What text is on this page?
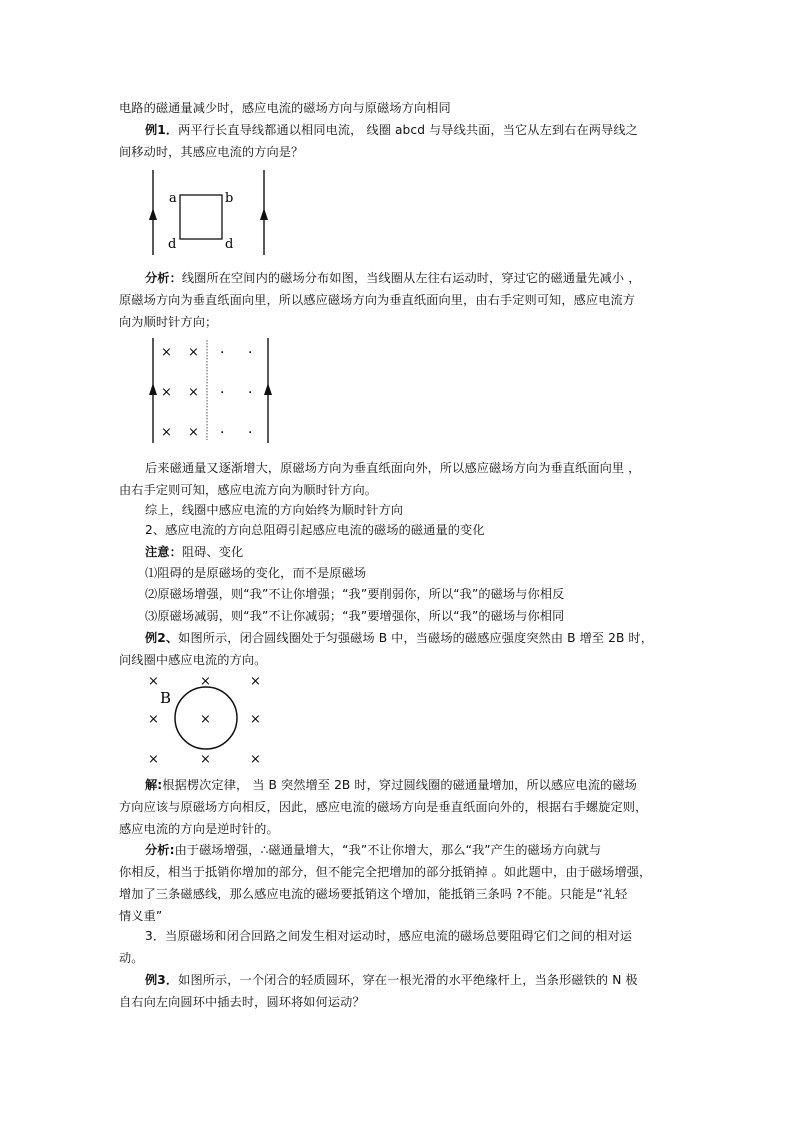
电路的磁通量减少时，感应电流的磁场方向与原磁场方向相同
例1．两平行长直导线都通以相同电流， 线圈 abcd 与导线共面，当它从左到右在两导线之
间移动时，其感应电流的方向是？
a	b
d	d
分析：线圈所在空间内的磁场分布如图，当线圈从左往右运动时，穿过它的磁通量先减小 ，
原磁场方向为垂直纸面向里，所以感应磁场方向为垂直纸面向里，由右手定则可知，感应电流方
向为顺时针方向；
× ×
× ×
× ×
· ·
· ·
· ·
后来磁通量又逐渐增大，原磁场方向为垂直纸面向外，所以感应磁场方向为垂直纸面向里 ，
由右手定则可知，感应电流方向为顺时针方向。
综上，线圈中感应电流的方向始终为顺时针方向
2、感应电流的方向总阻碍引起感应电流的磁场的磁通量的变化
注意：阻碍、变化
⑴阻碍的是原磁场的变化，而不是原磁场
⑵原磁场增强，则“我”不让你增强；“我”要削弱你，所以“我”的磁场与你相反
⑶原磁场减弱，则“我”不让你减弱；“我”要增强你，所以“我”的磁场与你相同
例2、如图所示，闭合圆线圈处于匀强磁场 B 中，当磁场的磁感应强度突然由 B 增至 2B 时，
问线圈中感应电流的方向。
B
×	×	×
×	×	×
×	×	×
解:根据楞次定律， 当 B 突然增至 2B 时，穿过圆线圈的磁通量增加，所以感应电流的磁场
方向应该与原磁场方向相反，因此，感应电流的磁场方向是垂直纸面向外的，根据右手螺旋定则，
感应电流的方向是逆时针的。
分析:由于磁场增强，∴磁通量增大，“我”不让你增大，那么“我”产生的磁场方向就与
你相反，相当于抵销你增加的部分，但不能完全把增加的部分抵销掉 。如此题中，由于磁场增强，
增加了三条磁感线，那么感应电流的磁场要抵销这个增加，能抵销三条吗 ?不能。只能是“礼轻
情义重”
3．当原磁场和闭合回路之间发生相对运动时，感应电流的磁场总要阻碍它们之间的相对运
动。
例3．如图所示，一个闭合的轻质圆环，穿在一根光滑的水平绝缘杆上，当条形磁铁的 N 极
自右向左向圆环中插去时，圆环将如何运动？
